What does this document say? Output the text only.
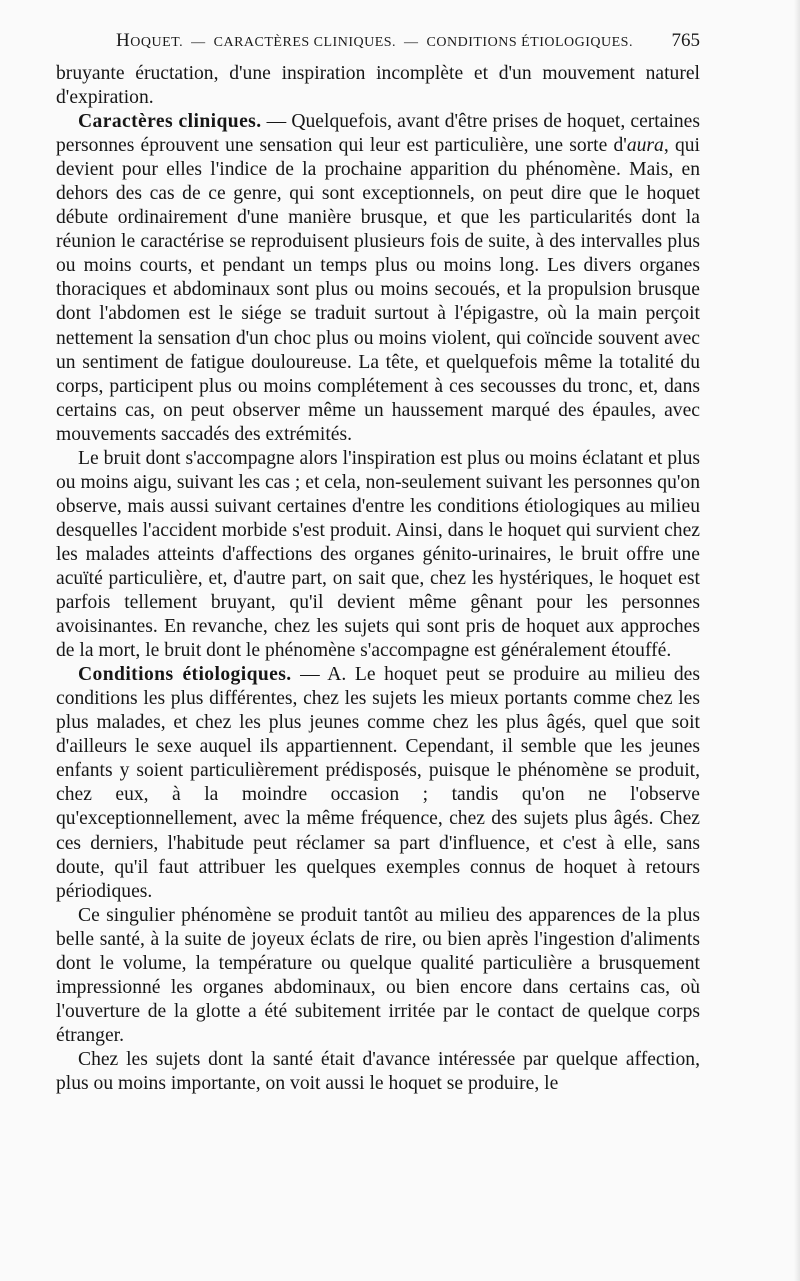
HOQUET. — CARACTÈRES CLINIQUES. — CONDITIONS ÉTIOLOGIQUES. 765

bruyante éructation, d'une inspiration incomplète et d'un mouvement naturel d'expiration.

Caractères cliniques. — Quelquefois, avant d'être prises de hoquet, certaines personnes éprouvent une sensation qui leur est particulière, une sorte d'aura, qui devient pour elles l'indice de la prochaine apparition du phénomène. Mais, en dehors des cas de ce genre, qui sont exceptionnels, on peut dire que le hoquet débute ordinairement d'une manière brusque, et que les particularités dont la réunion le caractérise se reproduisent plusieurs fois de suite, à des intervalles plus ou moins courts, et pendant un temps plus ou moins long. Les divers organes thoraciques et abdominaux sont plus ou moins secoués, et la propulsion brusque dont l'abdomen est le siége se traduit surtout à l'épigastre, où la main perçoit nettement la sensation d'un choc plus ou moins violent, qui coïncide souvent avec un sentiment de fatigue douloureuse. La tête, et quelquefois même la totalité du corps, participent plus ou moins complétement à ces secousses du tronc, et, dans certains cas, on peut observer même un haussement marqué des épaules, avec mouvements saccadés des extrémités.

Le bruit dont s'accompagne alors l'inspiration est plus ou moins éclatant et plus ou moins aigu, suivant les cas ; et cela, non-seulement suivant les personnes qu'on observe, mais aussi suivant certaines d'entre les conditions étiologiques au milieu desquelles l'accident morbide s'est produit. Ainsi, dans le hoquet qui survient chez les malades atteints d'affections des organes génito-urinaires, le bruit offre une acuïté particulière, et, d'autre part, on sait que, chez les hystériques, le hoquet est parfois tellement bruyant, qu'il devient même gênant pour les personnes avoisinantes. En revanche, chez les sujets qui sont pris de hoquet aux approches de la mort, le bruit dont le phénomène s'accompagne est généralement étouffé.

Conditions étiologiques. — A. Le hoquet peut se produire au milieu des conditions les plus différentes, chez les sujets les mieux portants comme chez les plus malades, et chez les plus jeunes comme chez les plus âgés, quel que soit d'ailleurs le sexe auquel ils appartiennent. Cependant, il semble que les jeunes enfants y soient particulièrement prédisposés, puisque le phénomène se produit, chez eux, à la moindre occasion ; tandis qu'on ne l'observe qu'exceptionnellement, avec la même fréquence, chez des sujets plus âgés. Chez ces derniers, l'habitude peut réclamer sa part d'influence, et c'est à elle, sans doute, qu'il faut attribuer les quelques exemples connus de hoquet à retours périodiques.

Ce singulier phénomène se produit tantôt au milieu des apparences de la plus belle santé, à la suite de joyeux éclats de rire, ou bien après l'ingestion d'aliments dont le volume, la température ou quelque qualité particulière a brusquement impressionné les organes abdominaux, ou bien encore dans certains cas, où l'ouverture de la glotte a été subitement irritée par le contact de quelque corps étranger.

Chez les sujets dont la santé était d'avance intéressée par quelque affection, plus ou moins importante, on voit aussi le hoquet se produire, le
